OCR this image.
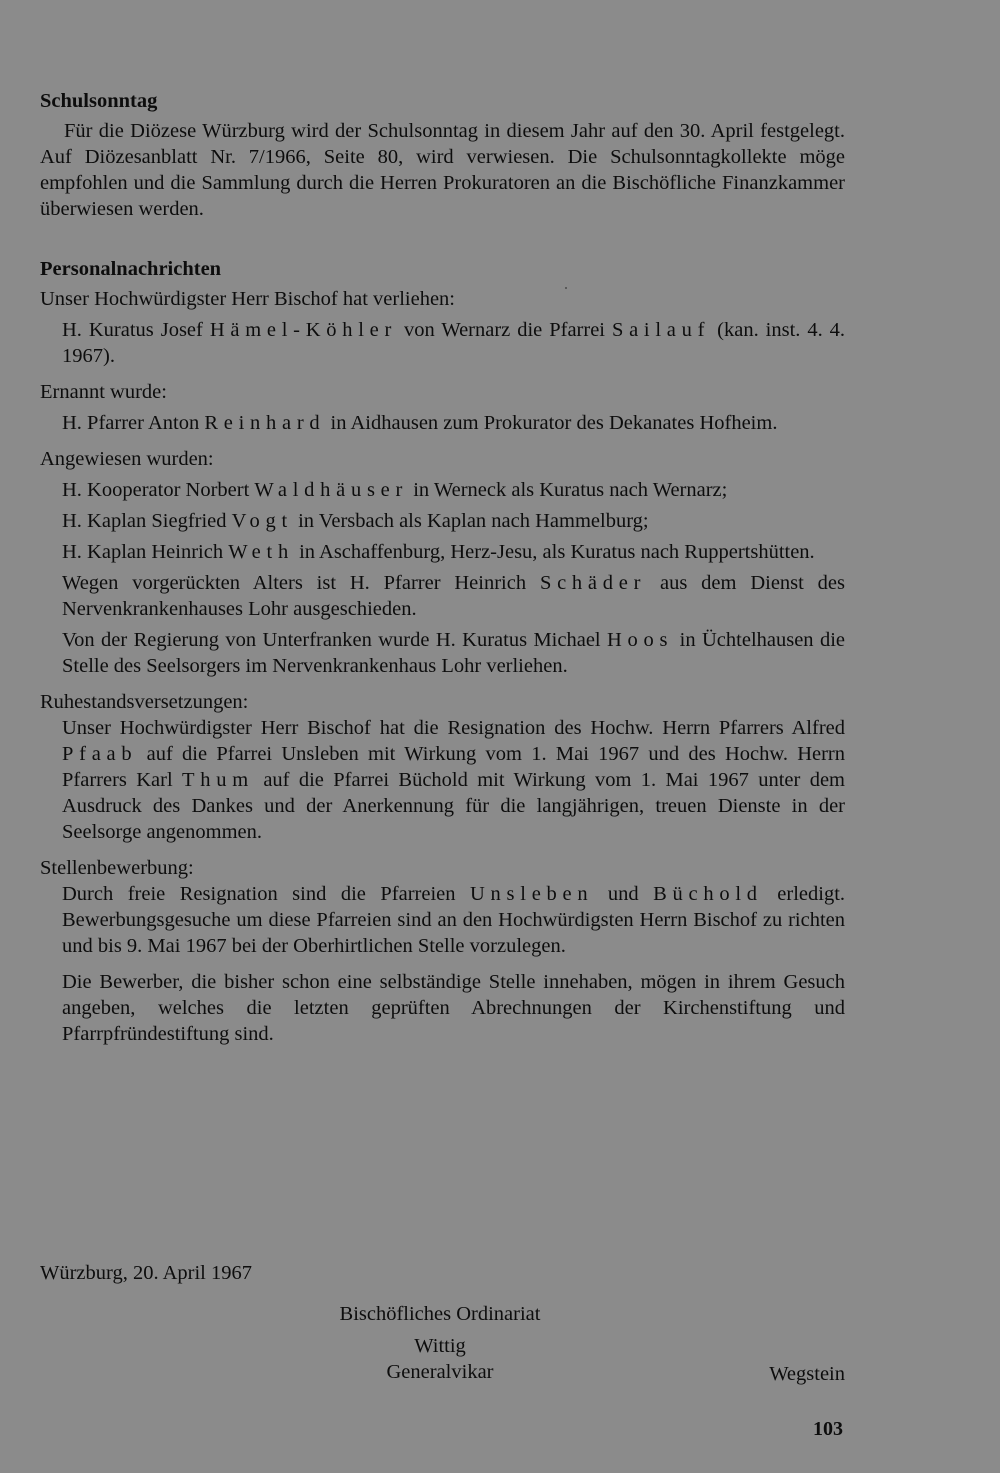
Schulsonntag

Für die Diözese Würzburg wird der Schulsonntag in diesem Jahr auf den 30. April festgelegt. Auf Diözesanblatt Nr. 7/1966, Seite 80, wird verwiesen. Die Schulsonntagkollekte möge empfohlen und die Sammlung durch die Herren Prokuratoren an die Bischöfliche Finanzkammer überwiesen werden.

Personalnachrichten

Unser Hochwürdigster Herr Bischof hat verliehen:

H. Kuratus Josef Hämel-Köhler von Wernarz die Pfarrei Sailauf (kan. inst. 4. 4. 1967).

Ernannt wurde:

H. Pfarrer Anton Reinhard in Aidhausen zum Prokurator des Dekanates Hofheim.

Angewiesen wurden:

H. Kooperator Norbert Waldhäuser in Werneck als Kuratus nach Wernarz;

H. Kaplan Siegfried Vogt in Versbach als Kaplan nach Hammelburg;

H. Kaplan Heinrich Weth in Aschaffenburg, Herz-Jesu, als Kuratus nach Ruppertshütten.

Wegen vorgerückten Alters ist H. Pfarrer Heinrich Schäder aus dem Dienst des Nervenkrankenhauses Lohr ausgeschieden.

Von der Regierung von Unterfranken wurde H. Kuratus Michael Hoos in Üchtelhausen die Stelle des Seelsorgers im Nervenkrankenhaus Lohr verliehen.

Ruhestandsversetzungen:

Unser Hochwürdigster Herr Bischof hat die Resignation des Hochw. Herrn Pfarrers Alfred Pfaab auf die Pfarrei Unsleben mit Wirkung vom 1. Mai 1967 und des Hochw. Herrn Pfarrers Karl Thum auf die Pfarrei Büchold mit Wirkung vom 1. Mai 1967 unter dem Ausdruck des Dankes und der Anerkennung für die langjährigen, treuen Dienste in der Seelsorge angenommen.

Stellenbewerbung:

Durch freie Resignation sind die Pfarreien Unsleben und Büchold erledigt. Bewerbungsgesuche um diese Pfarreien sind an den Hochwürdigsten Herrn Bischof zu richten und bis 9. Mai 1967 bei der Oberhirtlichen Stelle vorzulegen.

Die Bewerber, die bisher schon eine selbständige Stelle innehaben, mögen in ihrem Gesuch angeben, welches die letzten geprüften Abrechnungen der Kirchenstiftung und Pfarrpfründestiftung sind.

Würzburg, 20. April 1967
Bischöfliches Ordinariat
Wittig
Generalvikar	Wegstein
103
